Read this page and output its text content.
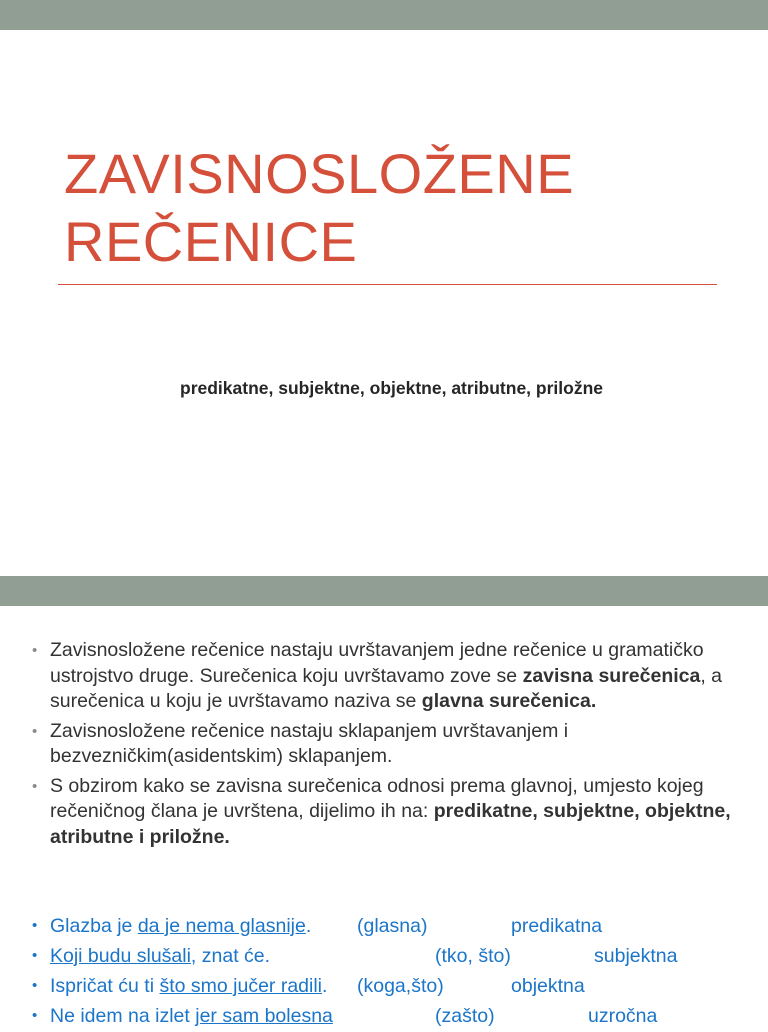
ZAVISNOSLOŽENE
REČENICE
predikatne, subjektne, objektne, atributne, priložne
• Zavisnosložene rečenice nastaju uvrštavanjem jedne rečenice u gramatičko ustrojstvo druge. Surečenica koju uvrštavamo zove se zavisna surečenica, a surečenica u koju je uvrštavamo naziva se glavna surečenica.
• Zavisnosložene rečenice nastaju sklapanjem uvrštavanjem i bezvezničkim(asidentskim) sklapanjem.
• S obzirom kako se zavisna surečenica odnosi prema glavnoj, umjesto kojeg rečeničnog člana je uvrštena, dijelimo ih na: predikatne, subjektne, objektne, atributne i priložne.
• Glazba je da je nema glasnije. (glasna)	predikatna
• Koji budu slušali, znat će.	(tko, što)	subjektna
• Ispričat ću ti što smo jučer radili. (koga,što)	objektna
• Ne idem na izlet jer sam bolesna	(zašto)	uzročna
